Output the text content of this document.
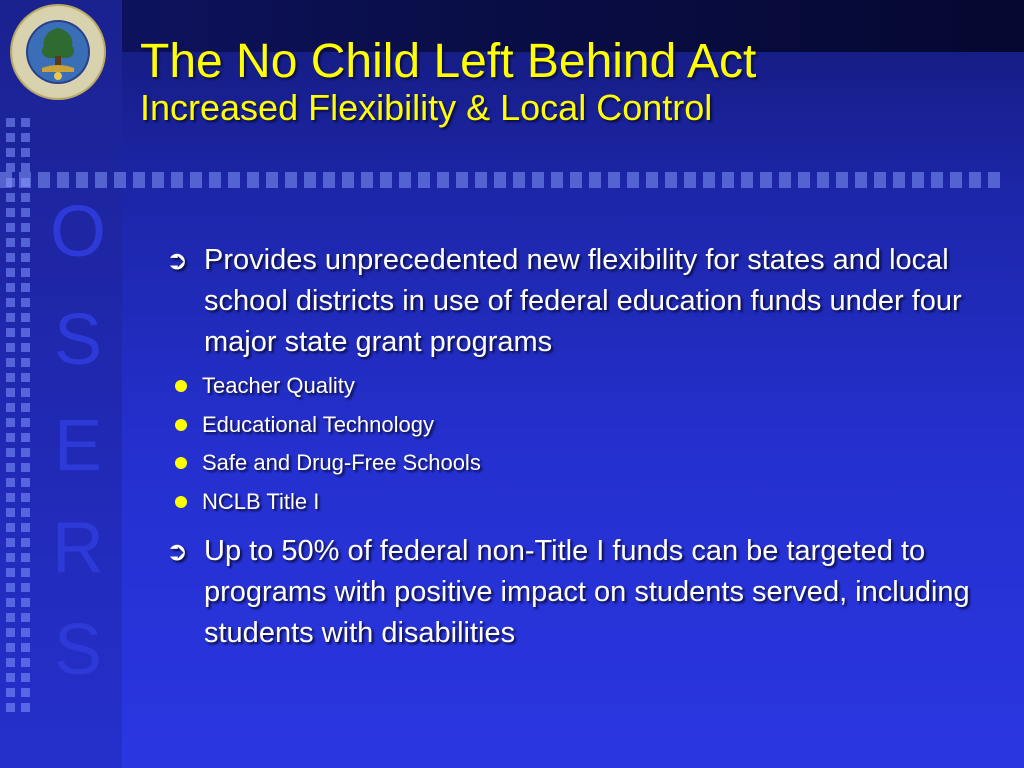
O
S
E
R
S
The No Child Left Behind Act
Increased Flexibility & Local Control
➲ Provides unprecedented new flexibility for states and local school districts in use of federal education funds under four major state grant programs
Teacher Quality
Educational Technology
Safe and Drug-Free Schools
NCLB Title I
➲ Up to 50% of federal non-Title I funds can be targeted to programs with positive impact on students served, including students with disabilities
